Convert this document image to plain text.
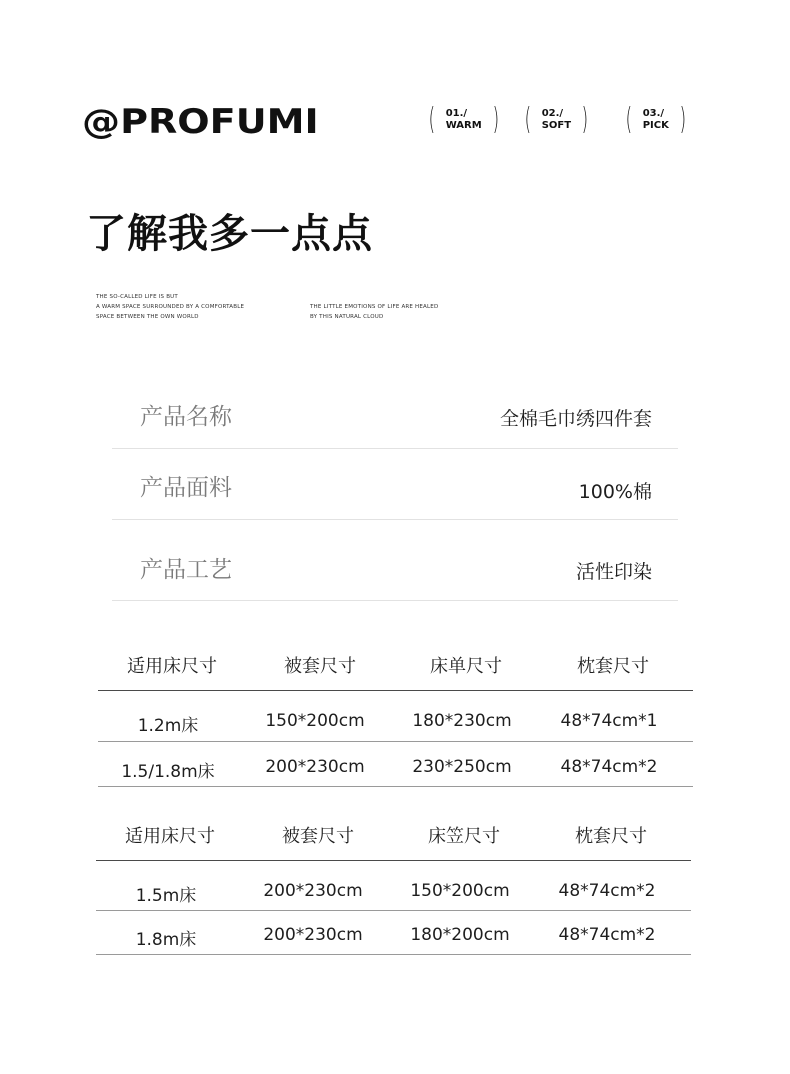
@PROFUMI	( 01./
WARM ) ( 02./
SOFT ) ( 03./
PICK )
了解我多一点点
THE SO-CALLED LIFE IS BUT
A WARM SPACE SURROUNDED BY A COMFORTABLE
SPACE BETWEEN THE OWN WORLD
THE LITTLE EMOTIONS OF LIFE ARE HEALED
BY THIS NATURAL CLOUD
产品名称	全棉毛巾绣四件套
产品面料	100%棉
产品工艺	活性印染
适用床尺寸	被套尺寸	床单尺寸	枕套尺寸
1.2m床	150*200cm	180*230cm	48*74cm*1
1.5/1.8m床	200*230cm	230*250cm	48*74cm*2
适用床尺寸	被套尺寸	床笠尺寸	枕套尺寸
1.5m床	200*230cm	150*200cm	48*74cm*2
1.8m床	200*230cm	180*200cm	48*74cm*2
